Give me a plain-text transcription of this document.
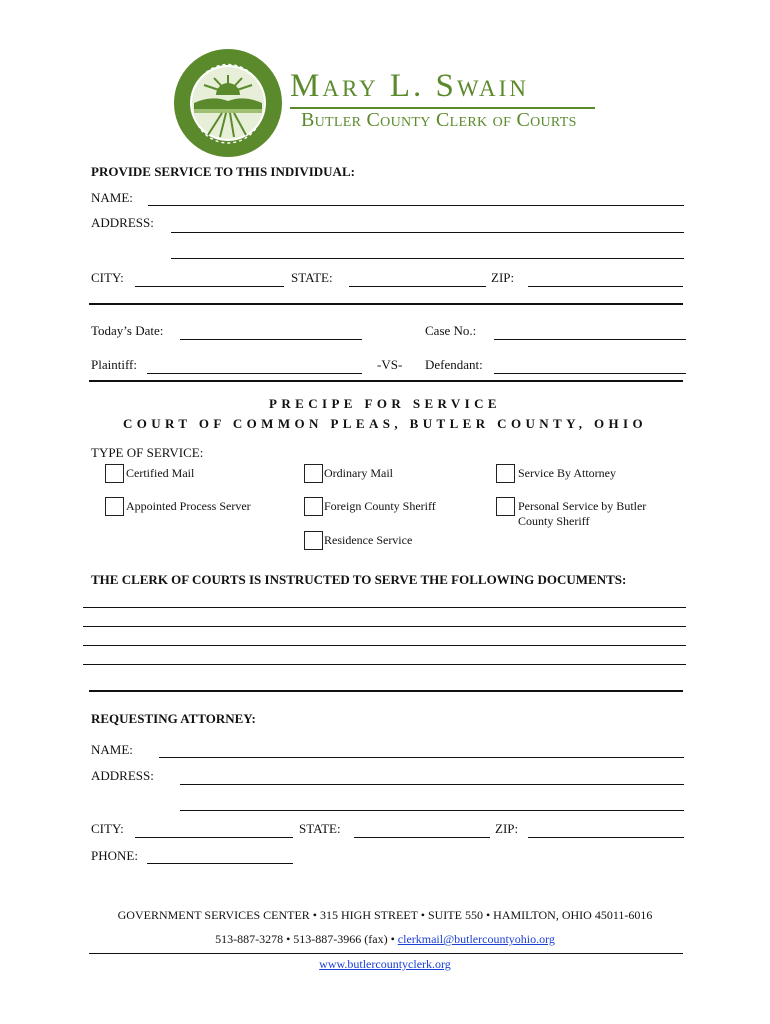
Mary L. Swain
Butler County Clerk of Courts
PROVIDE SERVICE TO THIS INDIVIDUAL:
NAME:
ADDRESS:
CITY:	STATE:	ZIP:
Today’s Date:	Case No.:
Plaintiff:	-VS- Defendant:
PRECIPE FOR SERVICE
COURT OF COMMON PLEAS, BUTLER COUNTY, OHIO
TYPE OF SERVICE:
Certified Mail	Ordinary Mail	Service By Attorney
Appointed Process Server	Foreign County Sheriff	Personal Service by Butler
County Sheriff
Residence Service
THE CLERK OF COURTS IS INSTRUCTED TO SERVE THE FOLLOWING DOCUMENTS:
REQUESTING ATTORNEY:
NAME:
ADDRESS:
CITY:	STATE:	ZIP:
PHONE:
GOVERNMENT SERVICES CENTER • 315 HIGH STREET • SUITE 550 • HAMILTON, OHIO 45011-6016
513-887-3278 • 513-887-3966 (fax) • clerkmail@butlercountyohio.org
www.butlercountyclerk.org
